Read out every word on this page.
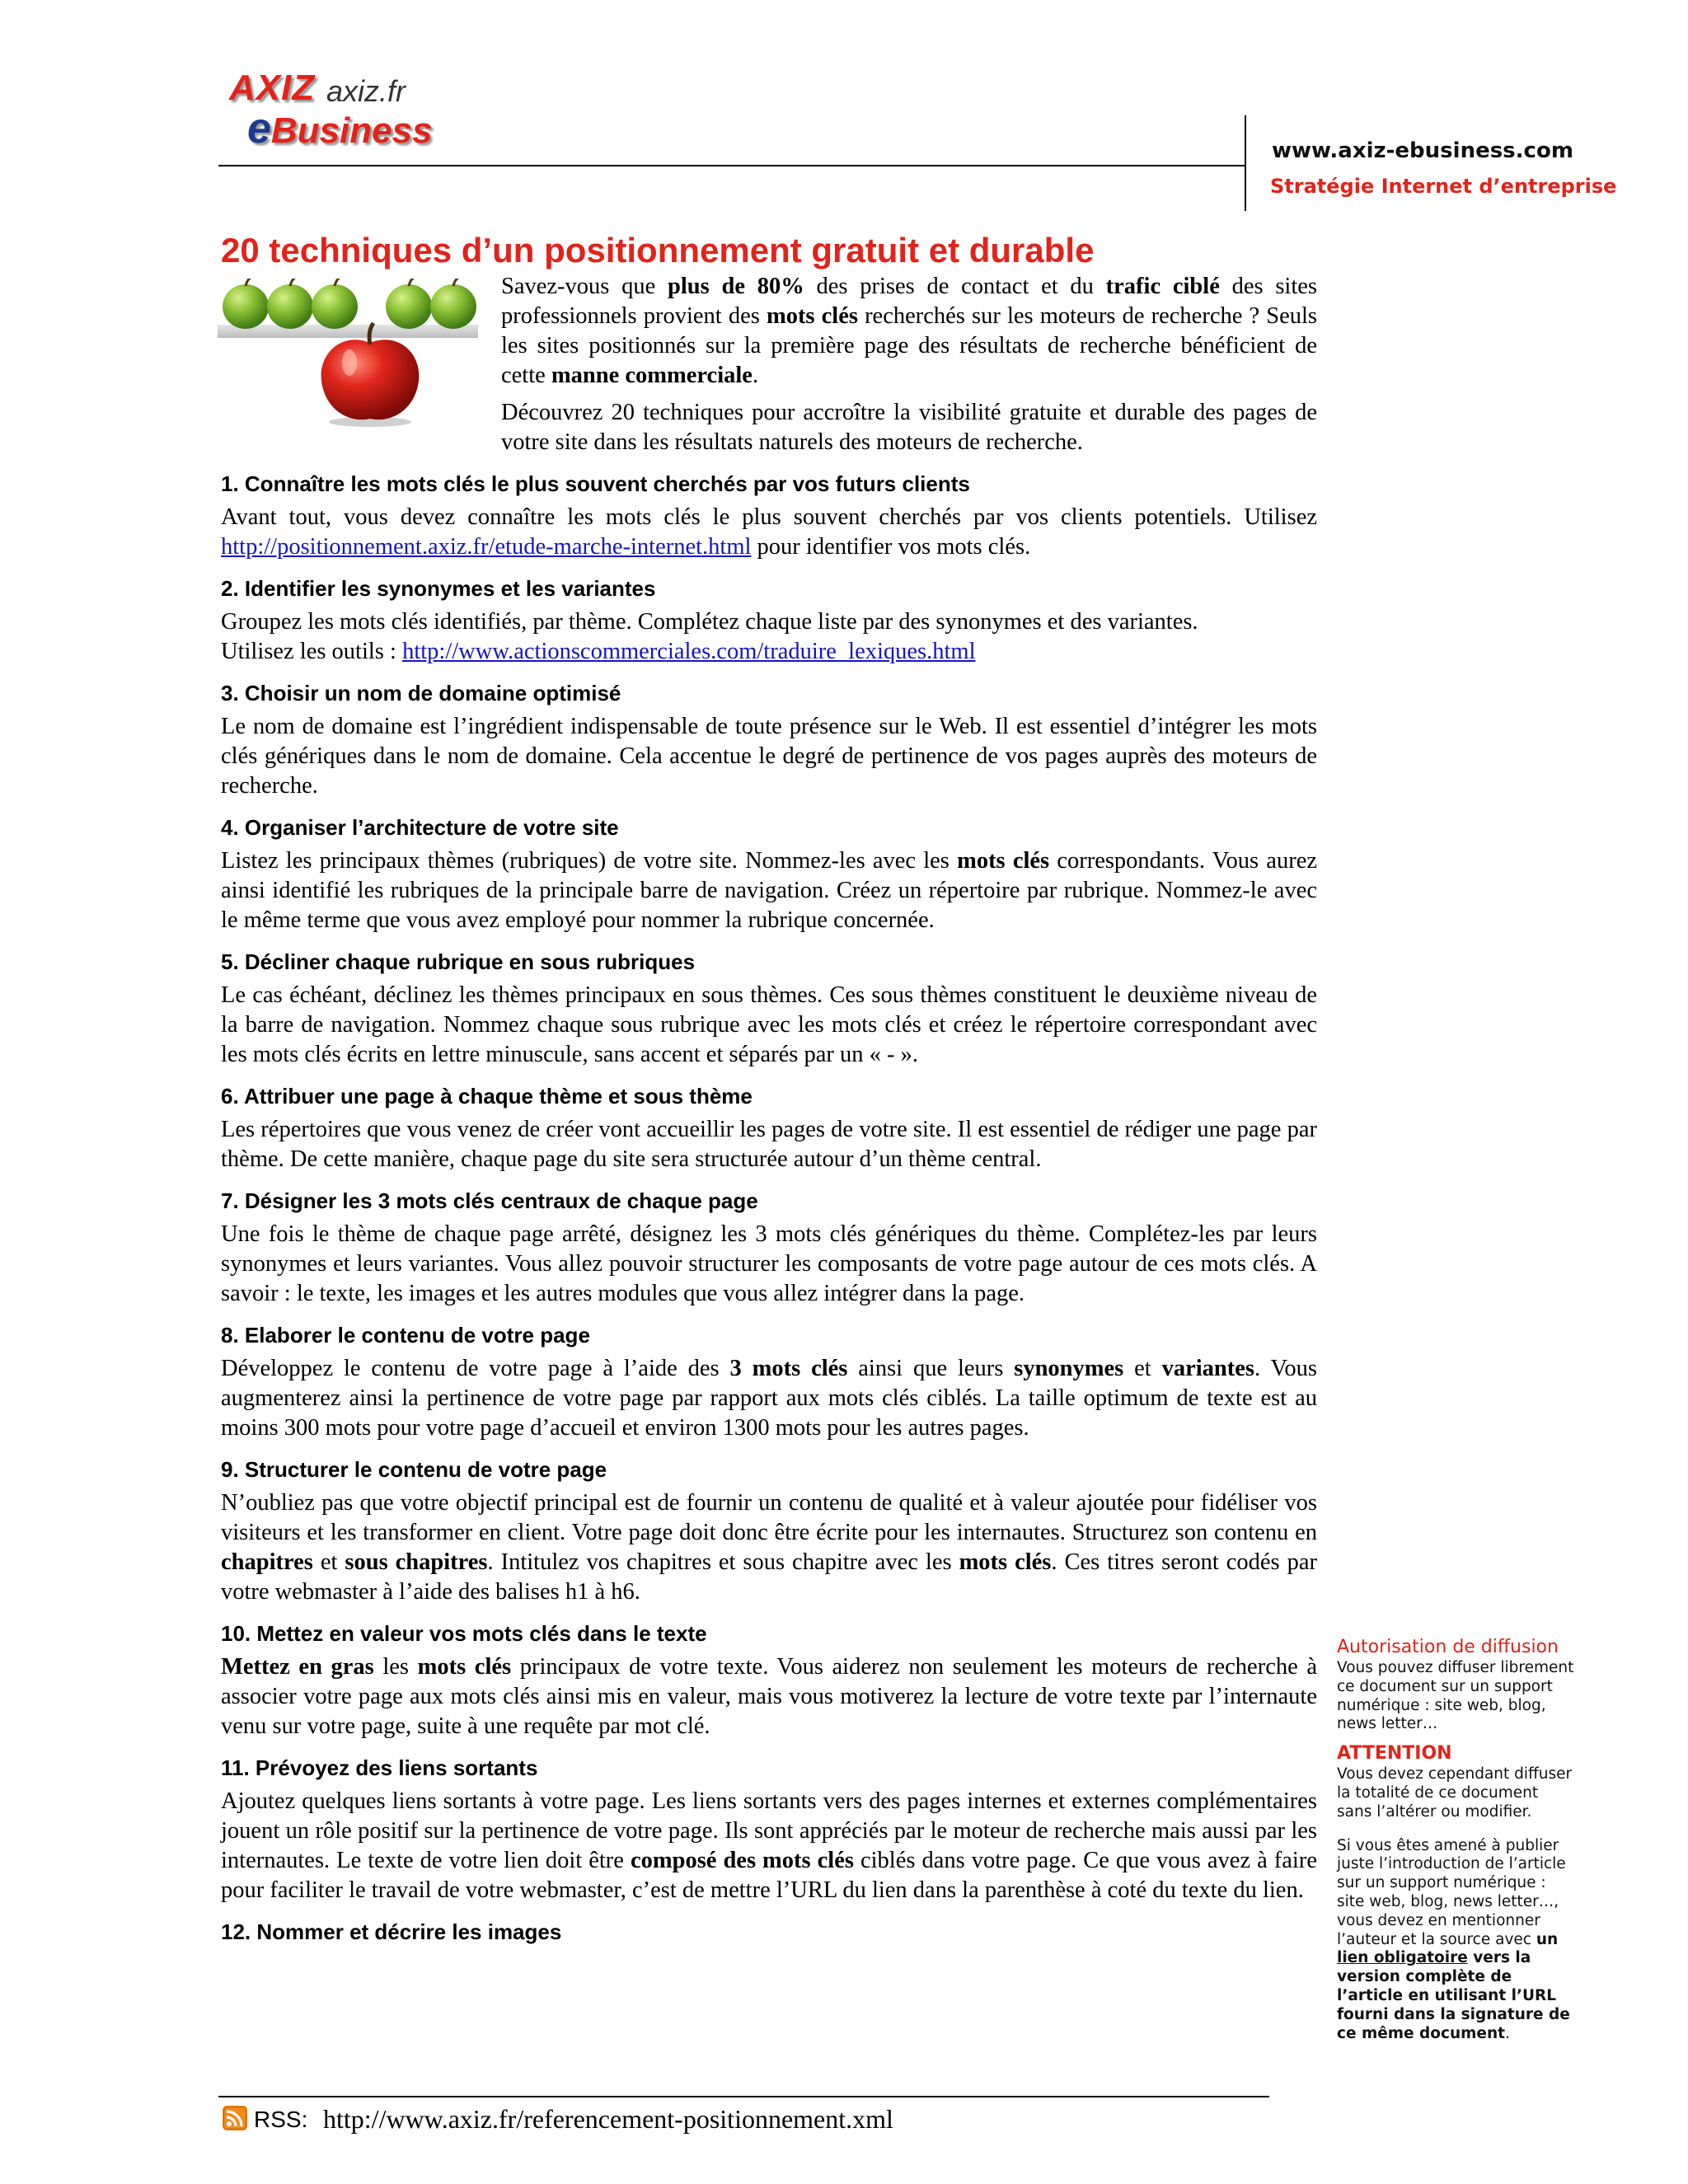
AXIZ axiz.fr
eBusiness	www.axiz-ebusiness.com
Stratégie Internet d’entreprise
20 techniques d’un positionnement gratuit et durable

Savez-vous que plus de 80% des prises de contact et du trafic ciblé des sites professionnels provient des mots clés recherchés sur les moteurs de recherche ? Seuls les sites positionnés sur la première page des résultats de recherche bénéficient de cette manne commerciale.

Découvrez 20 techniques pour accroître la visibilité gratuite et durable des pages de votre site dans les résultats naturels des moteurs de recherche.

1. Connaître les mots clés le plus souvent cherchés par vos futurs clients

Avant tout, vous devez connaître les mots clés le plus souvent cherchés par vos clients potentiels. Utilisez http://positionnement.axiz.fr/etude-marche-internet.html pour identifier vos mots clés.

2. Identifier les synonymes et les variantes

Groupez les mots clés identifiés, par thème. Complétez chaque liste par des synonymes et des variantes.
Utilisez les outils : http://www.actionscommerciales.com/traduire_lexiques.html

3. Choisir un nom de domaine optimisé

Le nom de domaine est l’ingrédient indispensable de toute présence sur le Web. Il est essentiel d’intégrer les mots clés génériques dans le nom de domaine. Cela accentue le degré de pertinence de vos pages auprès des moteurs de recherche.

4. Organiser l’architecture de votre site

Listez les principaux thèmes (rubriques) de votre site. Nommez-les avec les mots clés correspondants. Vous aurez ainsi identifié les rubriques de la principale barre de navigation. Créez un répertoire par rubrique. Nommez-le avec le même terme que vous avez employé pour nommer la rubrique concernée.

5. Décliner chaque rubrique en sous rubriques

Le cas échéant, déclinez les thèmes principaux en sous thèmes. Ces sous thèmes constituent le deuxième niveau de la barre de navigation. Nommez chaque sous rubrique avec les mots clés et créez le répertoire correspondant avec les mots clés écrits en lettre minuscule, sans accent et séparés par un « - ».

6. Attribuer une page à chaque thème et sous thème

Les répertoires que vous venez de créer vont accueillir les pages de votre site. Il est essentiel de rédiger une page par thème. De cette manière, chaque page du site sera structurée autour d’un thème central.

7. Désigner les 3 mots clés centraux de chaque page

Une fois le thème de chaque page arrêté, désignez les 3 mots clés génériques du thème. Complétez-les par leurs synonymes et leurs variantes. Vous allez pouvoir structurer les composants de votre page autour de ces mots clés. A savoir : le texte, les images et les autres modules que vous allez intégrer dans la page.

8. Elaborer le contenu de votre page

Développez le contenu de votre page à l’aide des 3 mots clés ainsi que leurs synonymes et variantes. Vous augmenterez ainsi la pertinence de votre page par rapport aux mots clés ciblés. La taille optimum de texte est au moins 300 mots pour votre page d’accueil et environ 1300 mots pour les autres pages.

9. Structurer le contenu de votre page

N’oubliez pas que votre objectif principal est de fournir un contenu de qualité et à valeur ajoutée pour fidéliser vos visiteurs et les transformer en client. Votre page doit donc être écrite pour les internautes. Structurez son contenu en chapitres et sous chapitres. Intitulez vos chapitres et sous chapitre avec les mots clés. Ces titres seront codés par votre webmaster à l’aide des balises h1 à h6.

10. Mettez en valeur vos mots clés dans le texte

Mettez en gras les mots clés principaux de votre texte. Vous aiderez non seulement les moteurs de recherche à associer votre page aux mots clés ainsi mis en valeur, mais vous motiverez la lecture de votre texte par l’internaute venu sur votre page, suite à une requête par mot clé.

11. Prévoyez des liens sortants

Ajoutez quelques liens sortants à votre page. Les liens sortants vers des pages internes et externes complémentaires jouent un rôle positif sur la pertinence de votre page. Ils sont appréciés par le moteur de recherche mais aussi par les internautes. Le texte de votre lien doit être composé des mots clés ciblés dans votre page. Ce que vous avez à faire pour faciliter le travail de votre webmaster, c’est de mettre l’URL du lien dans la parenthèse à coté du texte du lien.

12. Nommer et décrire les images
Autorisation de diffusion

Vous pouvez diffuser librement ce document sur un support numérique : site web, blog, news letter…

ATTENTION

Vous devez cependant diffuser la totalité de ce document sans l’altérer ou modifier.

Si vous êtes amené à publier juste l’introduction de l’article sur un support numérique : site web, blog, news letter…, vous devez en mentionner l’auteur et la source avec un lien obligatoire vers la version complète de l’article en utilisant l’URL fourni dans la signature de ce même document.

RSS: http://www.axiz.fr/referencement-positionnement.xml
